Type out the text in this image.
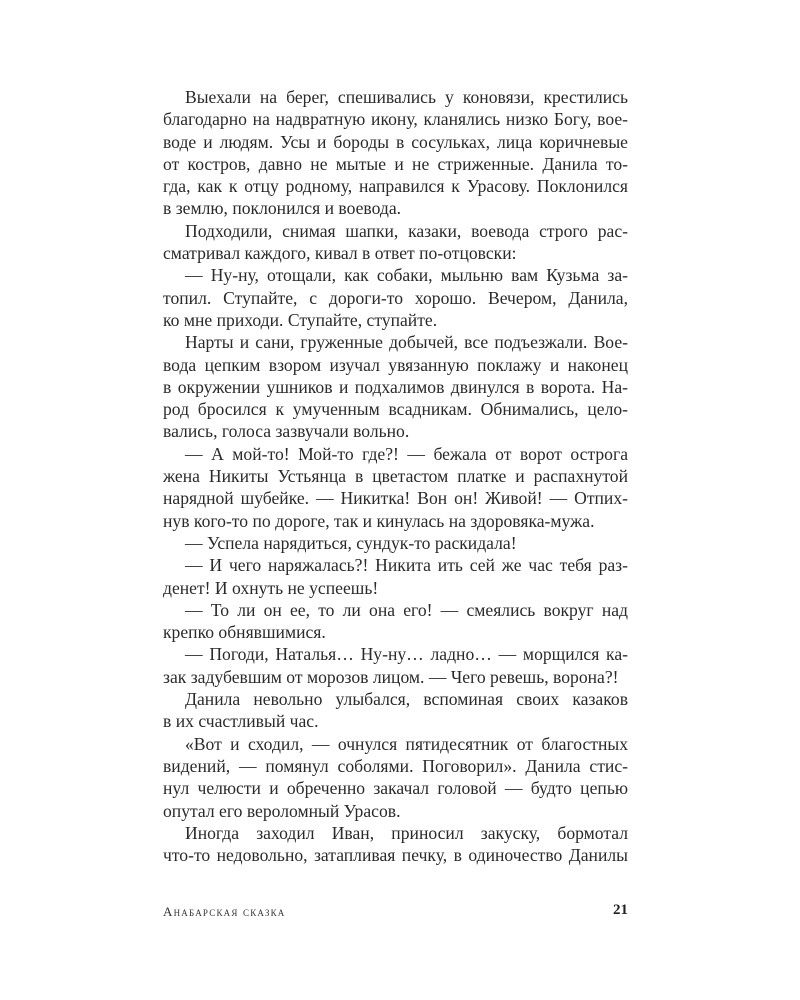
Выехали на берег, спешивались у коновязи, крестились
благодарно на надвратную икону, кланялись низко Богу, вое-
воде и людям. Усы и бороды в сосульках, лица коричневые
от костров, давно не мытые и не стриженные. Данила то-
гда, как к отцу родному, направился к Урасову. Поклонился
в землю, поклонился и воевода.
Подходили, снимая шапки, казаки, воевода строго рас-
сматривал каждого, кивал в ответ по-отцовски:
— Ну-ну, отощали, как собаки, мыльню вам Кузьма за-
топил. Ступайте, с дороги-то хорошо. Вечером, Данила,
ко мне приходи. Ступайте, ступайте.
Нарты и сани, груженные добычей, все подъезжали. Вое-
вода цепким взором изучал увязанную поклажу и наконец
в окружении ушников и подхалимов двинулся в ворота. На-
род бросился к умученным всадникам. Обнимались, цело-
вались, голоса зазвучали вольно.
— А мой-то! Мой-то где?! — бежала от ворот острога
жена Никиты Устьянца в цветастом платке и распахнутой
нарядной шубейке. — Никитка! Вон он! Живой! — Отпих-
нув кого-то по дороге, так и кинулась на здоровяка-мужа.
— Успела нарядиться, сундук-то раскидала!
— И чего наряжалась?! Никита ить сей же час тебя раз-
денет! И охнуть не успеешь!
— То ли он ее, то ли она его! — смеялись вокруг над
крепко обнявшимися.
— Погоди, Наталья… Ну-ну… ладно… — морщился ка-
зак задубевшим от морозов лицом. — Чего ревешь, ворона?!
Данила невольно улыбался, вспоминая своих казаков
в их счастливый час.
«Вот и сходил, — очнулся пятидесятник от благостных
видений, — помянул соболями. Поговорил». Данила стис-
нул челюсти и обреченно закачал головой — будто цепью
опутал его вероломный Урасов.
Иногда заходил Иван, приносил закуску, бормотал
что-то недовольно, затапливая печку, в одиночество Данилы
Анабарская сказка	21
